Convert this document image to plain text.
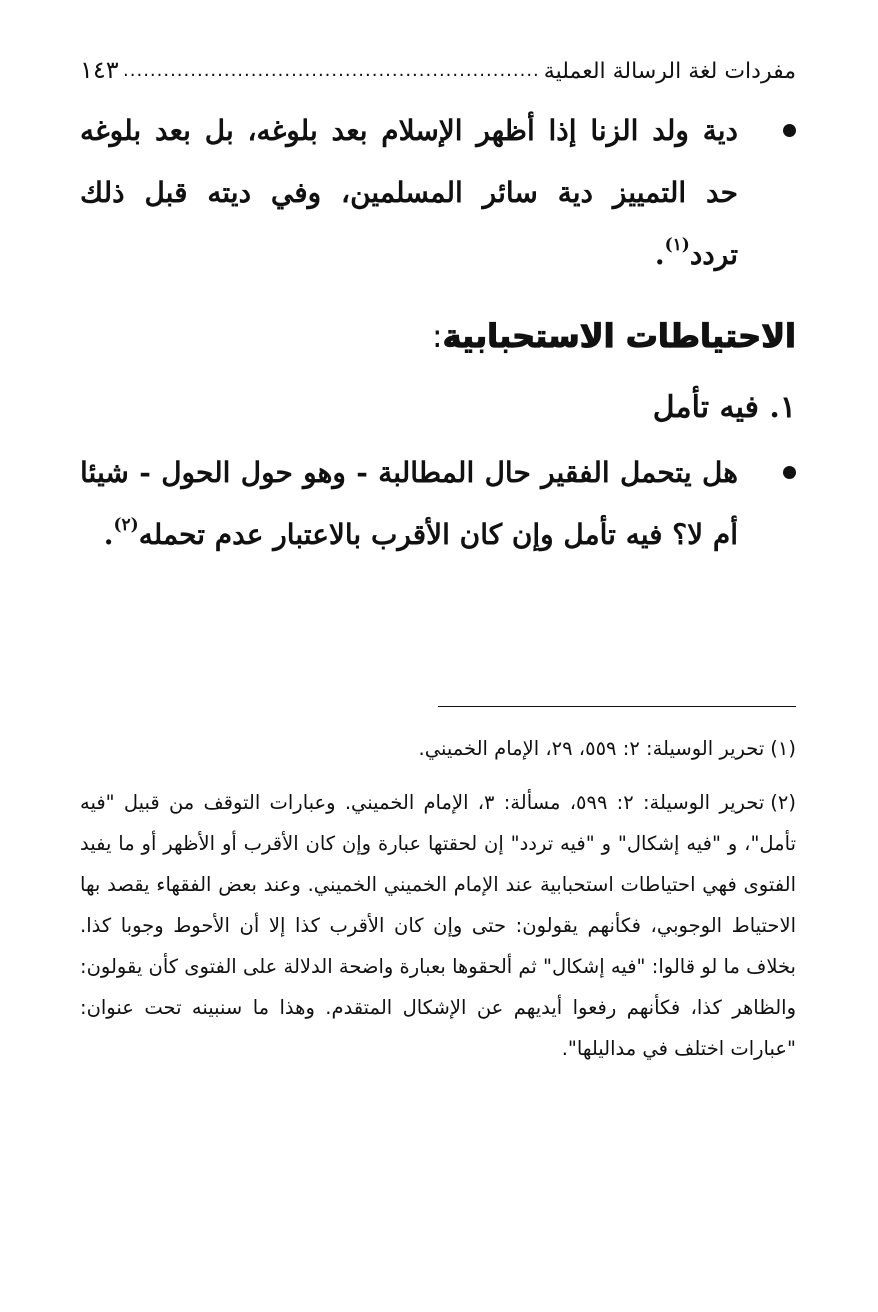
مفردات لغة الرسالة العملية
.....
١٤٣
دية ولد الزنا إذا أظهر الإسلام بعد بلوغه، بل بعد بلوغه حد التمييز دية سائر المسلمين، وفي ديته قبل ذلك تردد$^{(١)}$.
الاحتياطات الاستحبابية:
١. فيه تأمل
هل يتحمل الفقير حال المطالبة - وهو حول الحول - شيئا أم لا؟ فيه تأمل وإن كان الأقرب بالاعتبار عدم تحمله$^{(٢)}$.
(١)تحرير الوسيلة: ٢: ٥٥٩، ٢٩، الإمام الخميني.
(٢)تحرير الوسيلة: ٢: ٥٩٩، مسألة: ٣، الإمام الخميني. وعبارات التوقف من قبيل "فيه تأمل"، و "فيه إشكال" و "فيه تردد" إن لحقتها عبارة وإن كان الأقرب أو الأظهر أو ما يفيد الفتوى فهي احتياطات استحبابية عند الإمام الخميني الخميني. وعند بعض الفقهاء يقصد بها الاحتياط الوجوبي، فكأنهم يقولون: حتى وإن كان الأقرب كذا إلا أن الأحوط وجوبا كذا. بخلاف ما لو قالوا: "فيه إشكال" ثم ألحقوها بعبارة واضحة الدلالة على الفتوى كأن يقولون: والظاهر كذا، فكأنهم رفعوا أيديهم عن الإشكال المتقدم. وهذا ما سنبينه تحت عنوان: "عبارات اختلف في مداليلها".
